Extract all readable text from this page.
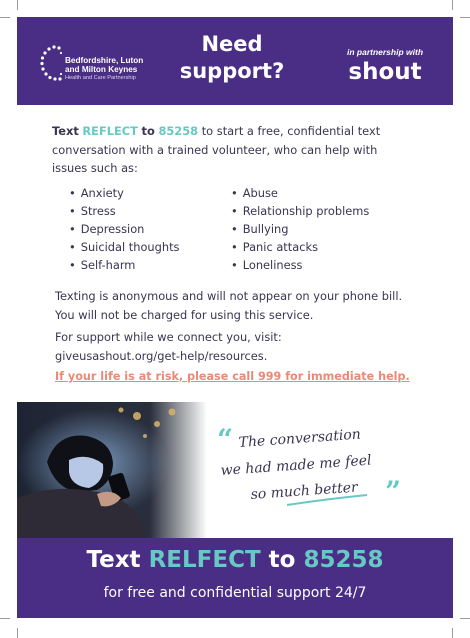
Bedfordshire, Luton
and Milton Keynes
Health and Care Partnership
Need
support?
in partnership with
shout
Text REFLECT to 85258 to start a free, confidential text conversation with a trained volunteer, who can help with issues such as:
• Anxiety
• Stress
• Depression
• Suicidal thoughts
• Self-harm
• Abuse
• Relationship problems
• Bullying
• Panic attacks
• Loneliness
Texting is anonymous and will not appear on your phone bill. You will not be charged for using this service.
For support while we connect you, visit:
giveusashout.org/get-help/resources.
If your life is at risk, please call 999 for immediate help.
“ The conversation
we had made me feel
so much better ”
Text RELFECT to 85258
for free and confidential support 24/7
